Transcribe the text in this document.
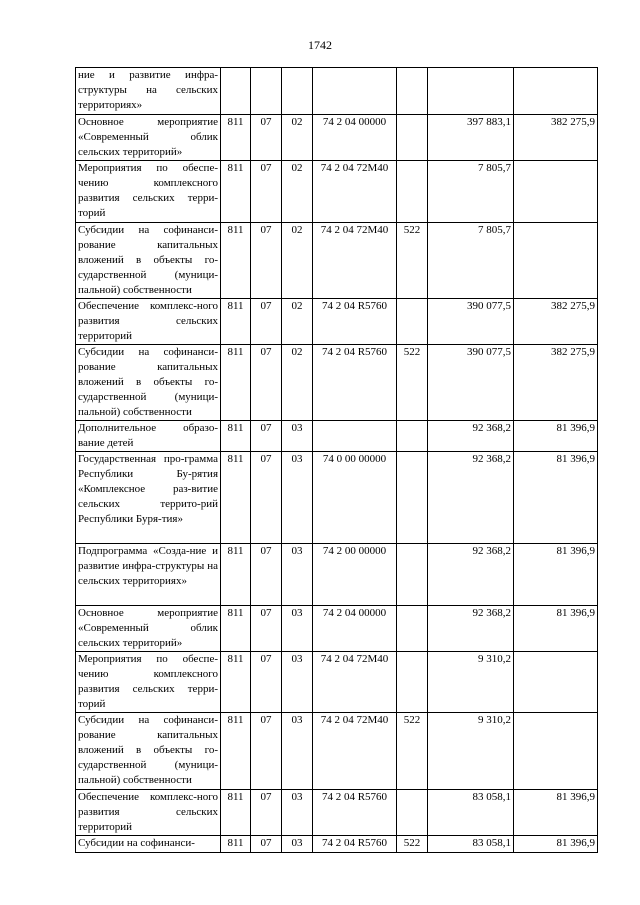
1742
ние и развитие инфра-структуры на сельских территориях»							
Основное мероприятие «Современный облик сельских территорий»	811	07	02	74 2 04 00000		397 883,1	382 275,9
Мероприятия по обеспе-чению комплексного развития сельских терри-торий	811	07	02	74 2 04 72М40		7 805,7	
Субсидии на софинанси-рование капитальных вложений в объекты го-сударственной (муници-пальной) собственности	811	07	02	74 2 04 72М40	522	7 805,7	
Обеспечение комплекс-ного развития сельских территорий	811	07	02	74 2 04 R5760		390 077,5	382 275,9
Субсидии на софинанси-рование капитальных вложений в объекты го-сударственной (муници-пальной) собственности	811	07	02	74 2 04 R5760	522	390 077,5	382 275,9
Дополнительное образо-вание детей	811	07	03			92 368,2	81 396,9
Государственная про-грамма Республики Бу-рятия «Комплексное раз-витие сельских террито-рий Республики Буря-тия»	811	07	03	74 0 00 00000		92 368,2	81 396,9
Подпрограмма «Созда-ние и развитие инфра-структуры на сельских территориях»	811	07	03	74 2 00 00000		92 368,2	81 396,9
Основное мероприятие «Современный облик сельских территорий»	811	07	03	74 2 04 00000		92 368,2	81 396,9
Мероприятия по обеспе-чению комплексного развития сельских терри-торий	811	07	03	74 2 04 72М40		9 310,2	
Субсидии на софинанси-рование капитальных вложений в объекты го-сударственной (муници-пальной) собственности	811	07	03	74 2 04 72М40	522	9 310,2	
Обеспечение комплекс-ного развития сельских территорий	811	07	03	74 2 04 R5760		83 058,1	81 396,9
Субсидии на софинанси-	811	07	03	74 2 04 R5760	522	83 058,1	81 396,9
